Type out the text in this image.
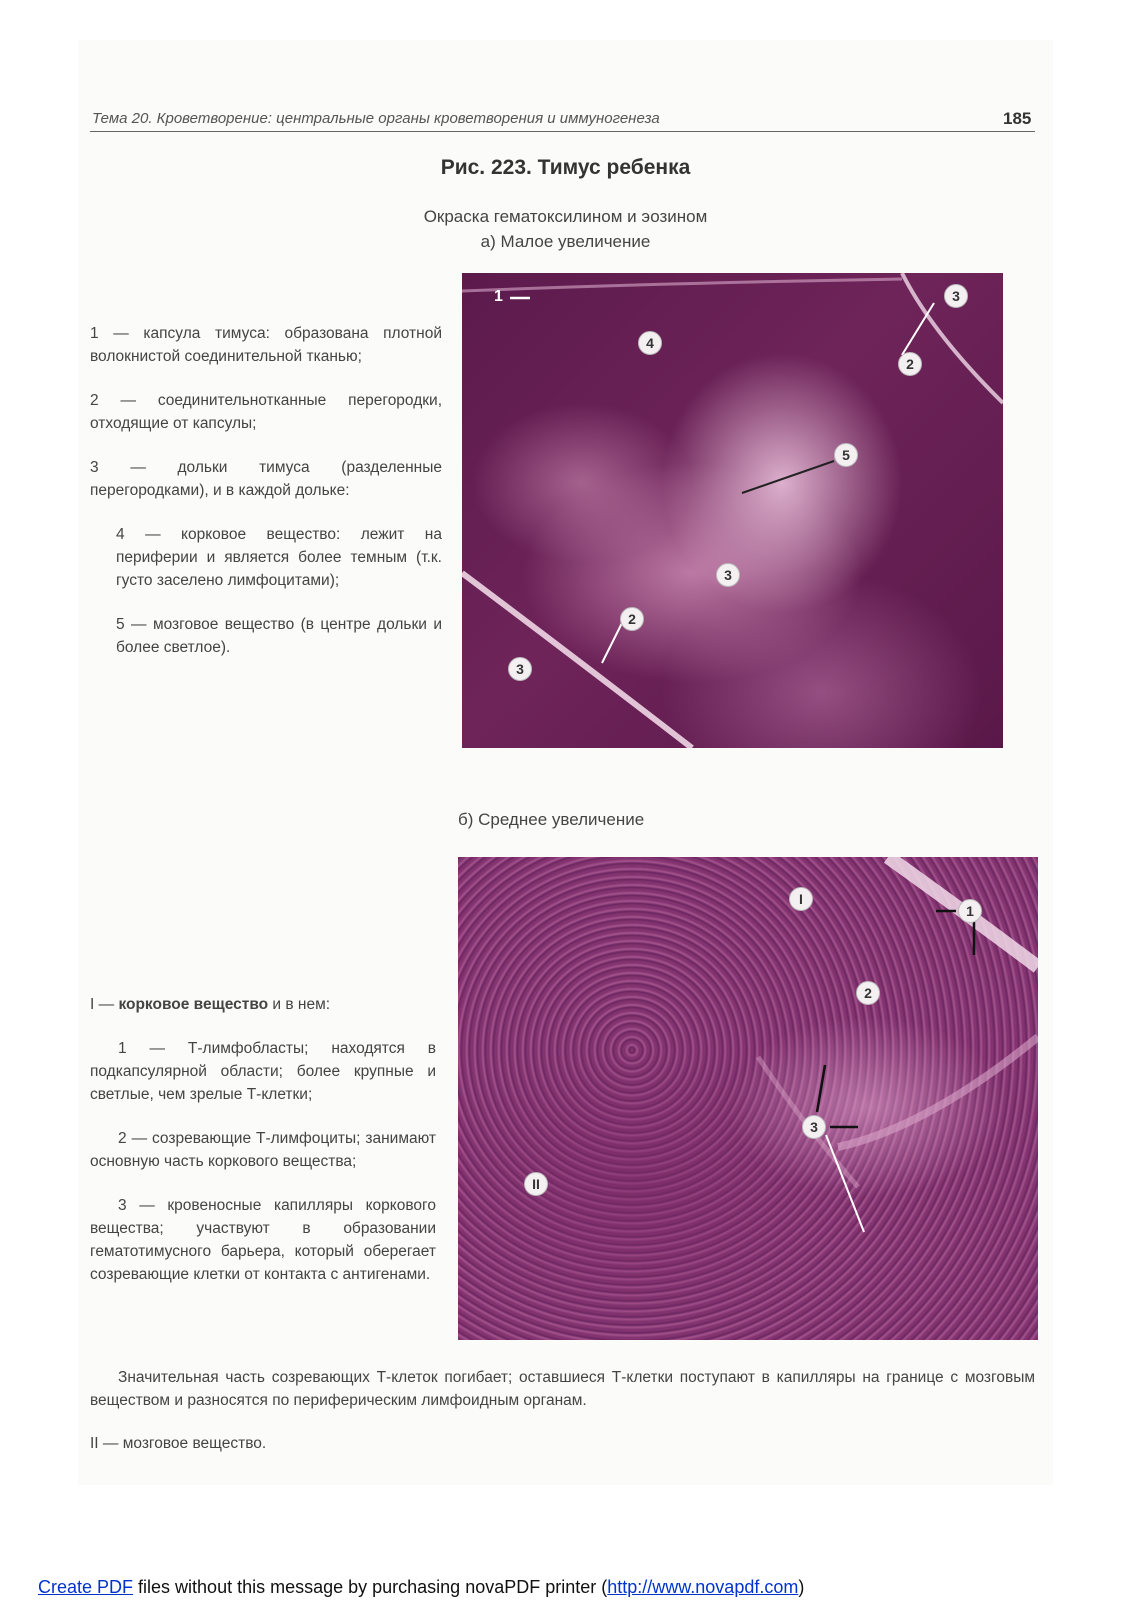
Тема 20. Кроветворение: центральные органы кроветворения и иммуногенеза	185
Рис. 223. Тимус ребенка
Окраска гематоксилином и эозином
а) Малое увеличение

1 — капсула тимуса: образована плотной волокнистой соединительной тканью;

2 — соединительнотканные перегородки, отходящие от капсулы;

3 — дольки тимуса (разделенные перегородками), и в каждой дольке:

4 — корковое вещество: лежит на периферии и является более темным (т.к. густо заселено лимфоцитами);

5 — мозговое вещество (в центре дольки и более светлое).

1	3
2
4
5
3
2
3
б) Среднее увеличение

I — корковое вещество и в нем:

1 — Т-лимфобласты; находятся в подкапсулярной области; более крупные и светлые, чем зрелые Т-клетки;

2 — созревающие Т-лимфоциты; занимают основную часть коркового вещества;

3 — кровеносные капилляры коркового вещества; участвуют в образовании гематотимусного барьера, который оберегает созревающие клетки от контакта с антигенами.

I
1
2
3
II

Значительная часть созревающих Т-клеток погибает; оставшиеся Т-клетки поступают в капилляры на границе с мозговым веществом и разносятся по периферическим лимфоидным органам.

II — мозговое вещество.
Create PDF files without this message by purchasing novaPDF printer (http://www.novapdf.com)
